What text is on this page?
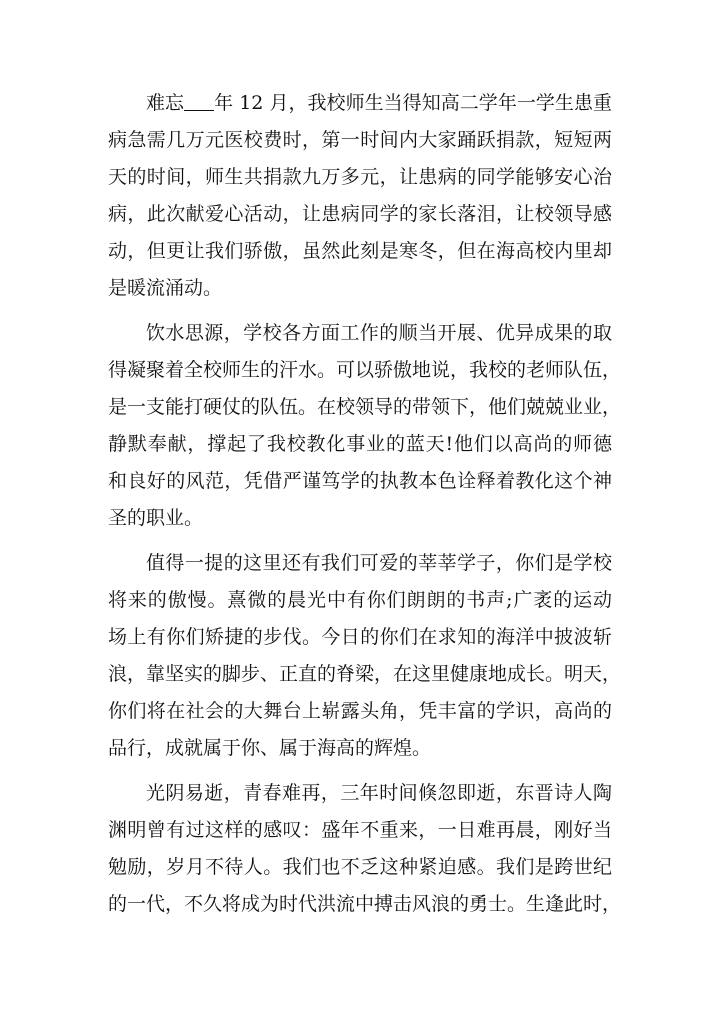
难忘 年 12 月，我校师生当得知高二学年一学生患重
病急需几万元医校费时，第一时间内大家踊跃捐款，短短两
天的时间，师生共捐款九万多元，让患病的同学能够安心治
病，此次献爱心活动，让患病同学的家长落泪，让校领导感
动，但更让我们骄傲，虽然此刻是寒冬，但在海高校内里却
是暖流涌动。
饮水思源，学校各方面工作的顺当开展、优异成果的取
得凝聚着全校师生的汗水。可以骄傲地说，我校的老师队伍，
是一支能打硬仗的队伍。在校领导的带领下，他们兢兢业业，
静默奉献，撑起了我校教化事业的蓝天!他们以高尚的师德
和良好的风范，凭借严谨笃学的执教本色诠释着教化这个神
圣的职业。
值得一提的这里还有我们可爱的莘莘学子，你们是学校
将来的傲慢。熹微的晨光中有你们朗朗的书声;广袤的运动
场上有你们矫捷的步伐。今日的你们在求知的海洋中披波斩
浪，靠坚实的脚步、正直的脊梁，在这里健康地成长。明天，
你们将在社会的大舞台上崭露头角，凭丰富的学识，高尚的
品行，成就属于你、属于海高的辉煌。
光阴易逝，青春难再，三年时间倏忽即逝，东晋诗人陶
渊明曾有过这样的感叹：盛年不重来，一日难再晨，刚好当
勉励，岁月不待人。我们也不乏这种紧迫感。我们是跨世纪
的一代，不久将成为时代洪流中搏击风浪的勇士。生逢此时，
